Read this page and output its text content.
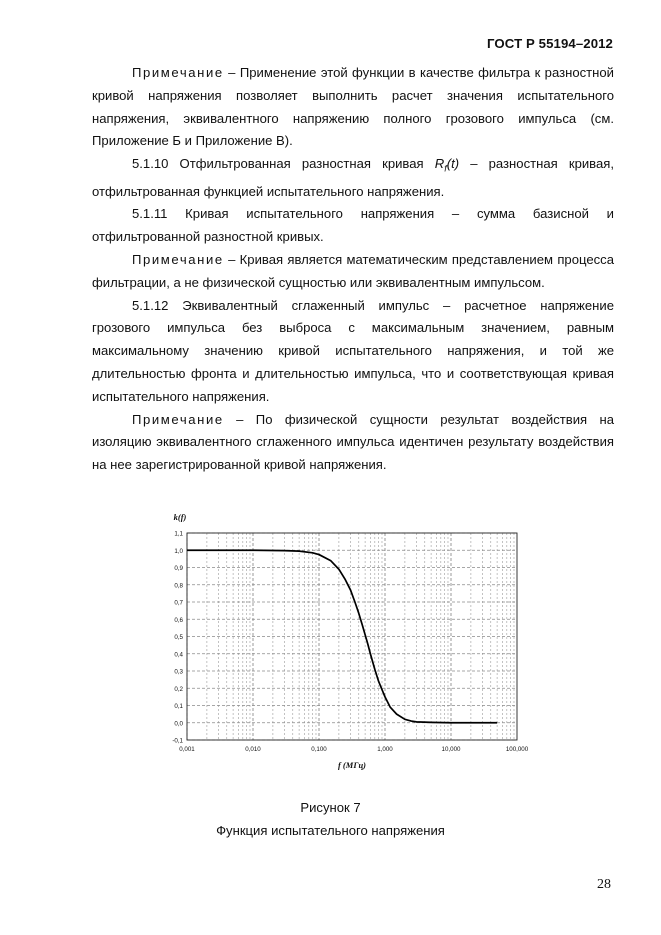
ГОСТ Р 55194–2012

Примечание – Применение этой функции в качестве фильтра к разностной кривой напряжения позволяет выполнить расчет значения испытательного напряжения, эквивалентного напряжению полного грозового импульса (см. Приложение Б и Приложение В).

5.1.10 Отфильтрованная разностная кривая $R_f(t)$ – разностная кривая, отфильтрованная функцией испытательного напряжения.

5.1.11 Кривая испытательного напряжения – сумма базисной и отфильтрованной разностной кривых.

Примечание – Кривая является математическим представлением процесса фильтрации, а не физической сущностью или эквивалентным импульсом.

5.1.12 Эквивалентный сглаженный импульс – расчетное напряжение грозового импульса без выброса с максимальным значением, равным максимальному значению кривой испытательного напряжения, и той же длительностью фронта и длительностью импульса, что и соответствующая кривая испытательного напряжения.

Примечание – По физической сущности результат воздействия на изоляцию эквивалентного сглаженного импульса идентичен результату воздействия на нее зарегистрированной кривой напряжения.

-0,1
0,0
0,1
0,2
0,3
0,4
0,5
0,6
0,7
0,8
0,9
1,0
1,1
0,001	0,010	0,100	1,000	10,000	100,000
k(f)
f (МГц)
Рисунок 7
Функция испытательного напряжения
28
